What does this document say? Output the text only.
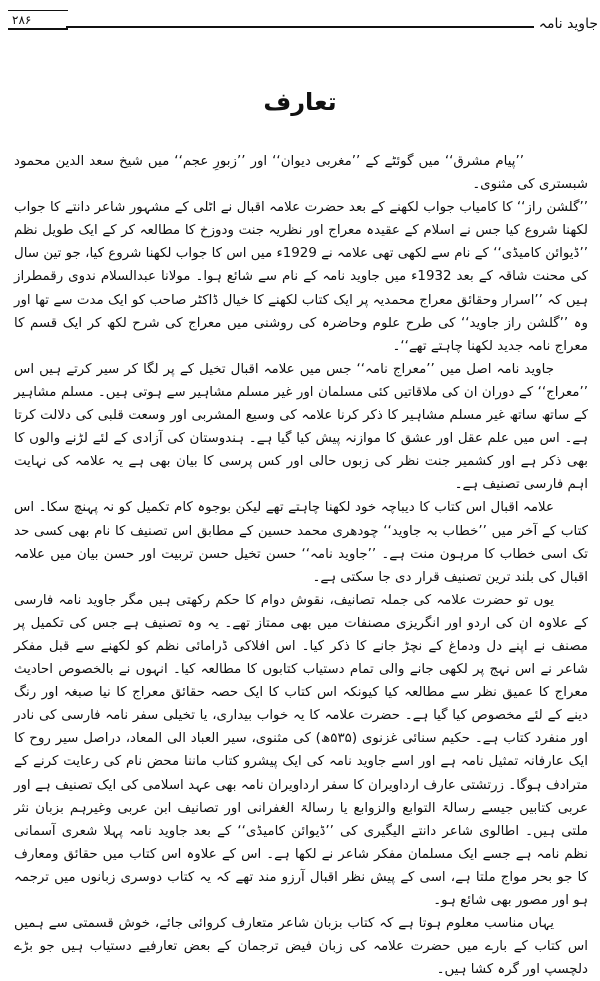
جاوید نامہ
۲۸۶
تعارف

’’پیام مشرق‘‘ میں گوئٹے کے ’’مغربی دیوان‘‘ اور ’’زبورِ عجم‘‘ میں شیخ سعد الدین محمود شبستری کی مثنوی۔

’’گلشن راز‘‘ کا کامیاب جواب لکھنے کے بعد حضرت علامہ اقبال نے اٹلی کے مشہور شاعر دانتے کا جواب لکھنا شروع کیا جس نے اسلام کے عقیدہ معراج اور نظریہ جنت ودوزخ کا مطالعہ کر کے ایک طویل نظم ’’ڈیوائن کامیڈی‘‘ کے نام سے لکھی تھی علامہ نے 1929ء میں اس کا جواب لکھنا شروع کیا، جو تین سال کی محنت شاقہ کے بعد 1932ء میں جاوید نامہ کے نام سے شائع ہوا۔ مولانا عبدالسلام ندوی رقمطراز ہیں کہ ’’اسرار وحقائق معراج محمدیہ پر ایک کتاب لکھنے کا خیال ڈاکٹر صاحب کو ایک مدت سے تھا اور وہ ’’گلشن راز جاوید‘‘ کی طرح علوم وحاضرہ کی روشنی میں معراج کی شرح لکھ کر ایک قسم کا معراج نامہ جدید لکھنا چاہتے تھے‘‘۔

جاوید نامہ اصل میں ’’معراج نامہ‘‘ جس میں علامہ اقبال تخیل کے پر لگا کر سیر کرتے ہیں اس ’’معراج‘‘ کے دوران ان کی ملاقاتیں کئی مسلمان اور غیر مسلم مشاہیر سے ہوتی ہیں۔ مسلم مشاہیر کے ساتھ ساتھ غیر مسلم مشاہیر کا ذکر کرنا علامہ کی وسیع المشربی اور وسعت قلبی کی دلالت کرتا ہے۔ اس میں علم عقل اور عشق کا موازنہ پیش کیا گیا ہے۔ ہندوستان کی آزادی کے لئے لڑنے والوں کا بھی ذکر ہے اور کشمیر جنت نظر کی زبوں حالی اور کس پرسی کا بیان بھی ہے یہ علامہ کی نہایت اہم فارسی تصنیف ہے۔

علامہ اقبال اس کتاب کا دیباچہ خود لکھنا چاہتے تھے لیکن بوجوہ کام تکمیل کو نہ پہنچ سکا۔ اس کتاب کے آخر میں ’’خطاب بہ جاوید‘‘ چودھری محمد حسین کے مطابق اس تصنیف کا نام بھی کسی حد تک اسی خطاب کا مرہون منت ہے۔ ’’جاوید نامہ‘‘ حسن تخیل حسن تربیت اور حسن بیان میں علامہ اقبال کی بلند ترین تصنیف قرار دی جا سکتی ہے۔

یوں تو حضرت علامہ کی جملہ تصانیف، نقوش دوام کا حکم رکھتی ہیں مگر جاوید نامہ فارسی کے علاوہ ان کی اردو اور انگریزی مصنفات میں بھی ممتاز تھے۔ یہ وہ تصنیف ہے جس کی تکمیل پر مصنف نے اپنے دل ودماغ کے نچڑ جانے کا ذکر کیا۔ اس افلاکی ڈرامائی نظم کو لکھنے سے قبل مفکر شاعر نے اس نہج پر لکھی جانے والی تمام دستیاب کتابوں کا مطالعہ کیا۔ انہوں نے بالخصوص احادیث معراج کا عمیق نظر سے مطالعہ کیا کیونکہ اس کتاب کا ایک حصہ حقائق معراج کا نیا صبغہ اور رنگ دینے کے لئے مخصوص کیا گیا ہے۔ حضرت علامہ کا یہ خواب بیداری، یا تخیلی سفر نامہ فارسی کی نادر اور منفرد کتاب ہے۔ حکیم سنائی غزنوی (۵۳۵ھ) کی مثنوی، سیر العباد الی المعاد، دراصل سیر روح کا ایک عارفانہ تمثیل نامہ ہے اور اسے جاوید نامہ کی ایک پیشرو کتاب ماننا محض نام کی رعایت کرنے کے مترادف ہوگا۔ زرتشتی عارف ارداویران کا سفر ارداویران نامہ بھی عہد اسلامی کی ایک تصنیف ہے اور عربی کتابیں جیسے رسالۃ التوابع والزوابع یا رسالۃ الغفرانی اور تصانیف ابن عربی وغیرہم بزبان نثر ملتی ہیں۔ اطالوی شاعر دانتے الیگیری کی ’’ڈیوائن کامیڈی‘‘ کے بعد جاوید نامہ پہلا شعری آسمانی نظم نامہ ہے جسے ایک مسلمان مفکر شاعر نے لکھا ہے۔ اس کے علاوہ اس کتاب میں حقائق ومعارف کا جو بحر مواج ملتا ہے، اسی کے پیش نظر اقبال آرزو مند تھے کہ یہ کتاب دوسری زبانوں میں ترجمہ ہو اور مصور بھی شائع ہو۔

یہاں مناسب معلوم ہوتا ہے کہ کتاب بزبان شاعر متعارف کروائی جائے، خوش قسمتی سے ہمیں اس کتاب کے بارے میں حضرت علامہ کی زبان فیض ترجمان کے بعض تعارفیے دستیاب ہیں جو بڑے دلچسپ اور گرہ کشا ہیں۔
